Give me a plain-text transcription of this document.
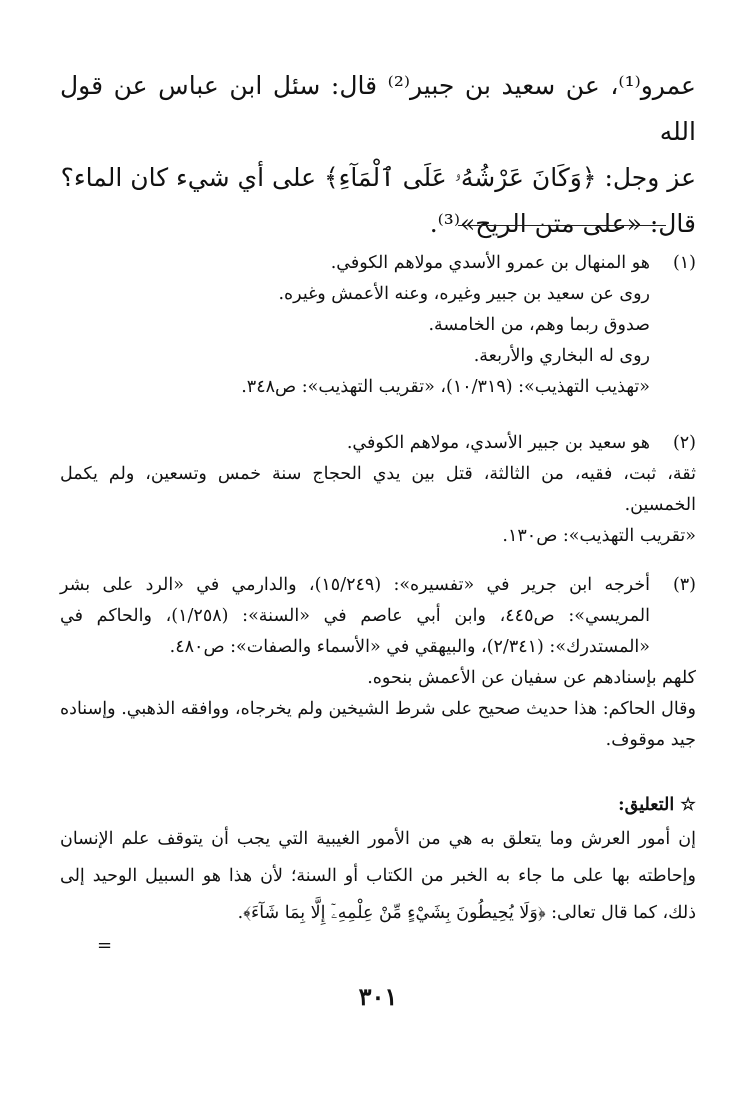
عمرو⁽¹⁾، عن سعيد بن جبير⁽²⁾ قال: سئل ابن عباس عن قول الله
عز وجل: ﴿وَكَانَ عَرْشُهُۥ عَلَى ٱلْمَآءِ﴾ على أي شيء كان الماء؟
قال: «على متن الريح»⁽³⁾.
(١)

هو المنهال بن عمرو الأسدي مولاهم الكوفي.

روى عن سعيد بن جبير وغيره، وعنه الأعمش وغيره.

صدوق ربما وهم، من الخامسة.

روى له البخاري والأربعة.

«تهذيب التهذيب»: (١٠/٣١٩)، «تقريب التهذيب»: ص٣٤٨.

(٢)

هو سعيد بن جبير الأسدي، مولاهم الكوفي.

ثقة، ثبت، فقيه، من الثالثة، قتل بين يدي الحجاج سنة خمس وتسعين، ولم يكمل الخمسين.

«تقريب التهذيب»: ص١٣٠.

(٣)

أخرجه ابن جرير في «تفسيره»: (١٥/٢٤٩)، والدارمي في «الرد على بشر المريسي»: ص٤٤٥، وابن أبي عاصم في «السنة»: (١/٢٥٨)، والحاكم في «المستدرك»: (٢/٣٤١)، والبيهقي في «الأسماء والصفات»: ص٤٨٠.

كلهم بإسنادهم عن سفيان عن الأعمش بنحوه.

وقال الحاكم: هذا حديث صحيح على شرط الشيخين ولم يخرجاه، ووافقه الذهبي. وإسناده جيد موقوف.

☆ التعليق:

إن أمور العرش وما يتعلق به هي من الأمور الغيبية التي يجب أن يتوقف علم الإنسان وإحاطته بها على ما جاء به الخبر من الكتاب أو السنة؛ لأن هذا هو السبيل الوحيد إلى ذلك، كما قال تعالى: ﴿وَلَا يُحِيطُونَ بِشَيْءٍ مِّنْ عِلْمِهِۦٓ إِلَّا بِمَا شَآءَ﴾.

=
٣٠١
